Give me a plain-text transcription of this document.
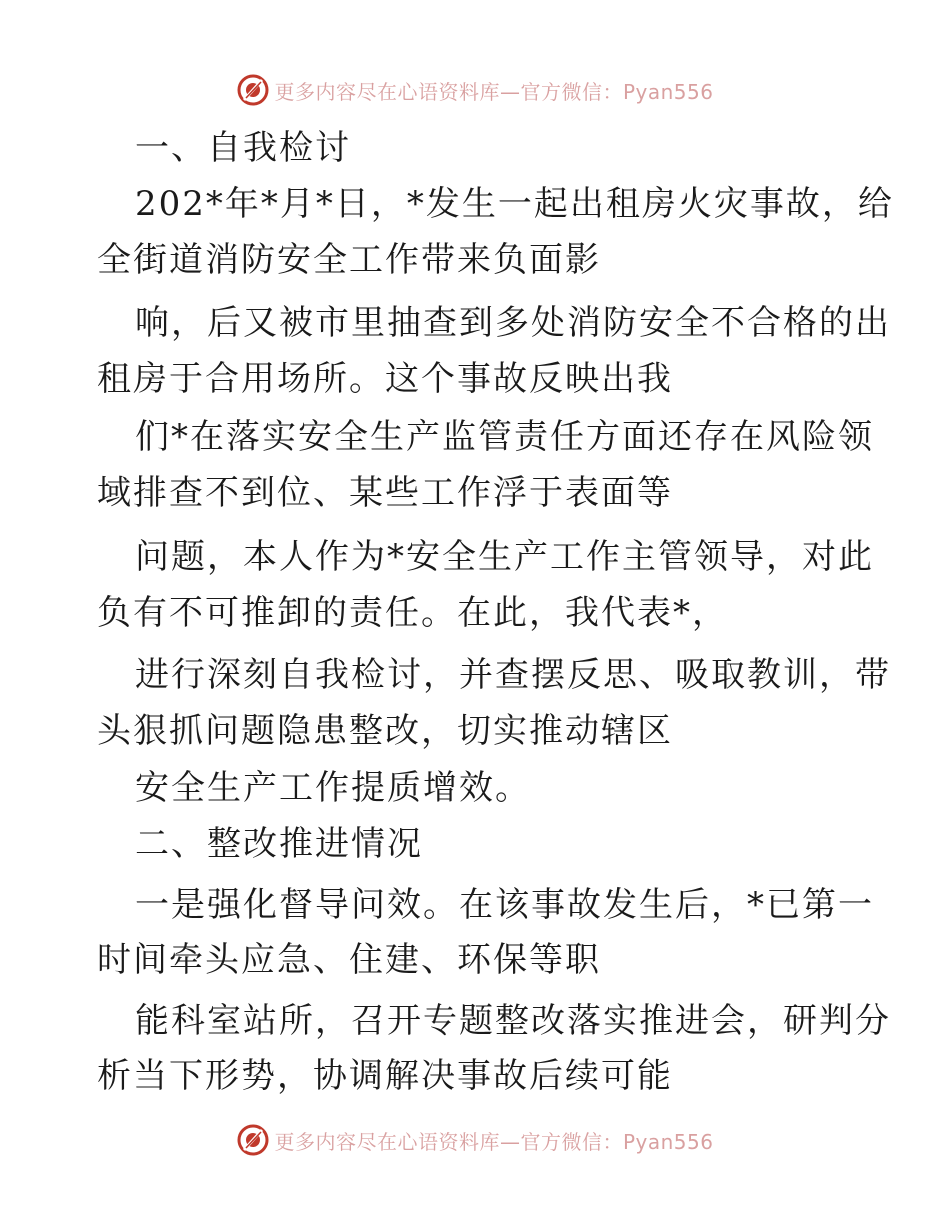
更多内容尽在心语资料库—官方微信：Pyan556
一、自我检讨
202*年*月*日，*发生一起出租房火灾事故，给
全街道消防安全工作带来负面影
响，后又被市里抽查到多处消防安全不合格的出
租房于合用场所。这个事故反映出我
们*在落实安全生产监管责任方面还存在风险领
域排查不到位、某些工作浮于表面等
问题，本人作为*安全生产工作主管领导，对此
负有不可推卸的责任。在此，我代表*，
进行深刻自我检讨，并查摆反思、吸取教训，带
头狠抓问题隐患整改，切实推动辖区
安全生产工作提质增效。
二、整改推进情况
一是强化督导问效。在该事故发生后，*已第一
时间牵头应急、住建、环保等职
能科室站所，召开专题整改落实推进会，研判分
析当下形势，协调解决事故后续可能
更多内容尽在心语资料库—官方微信：Pyan556
